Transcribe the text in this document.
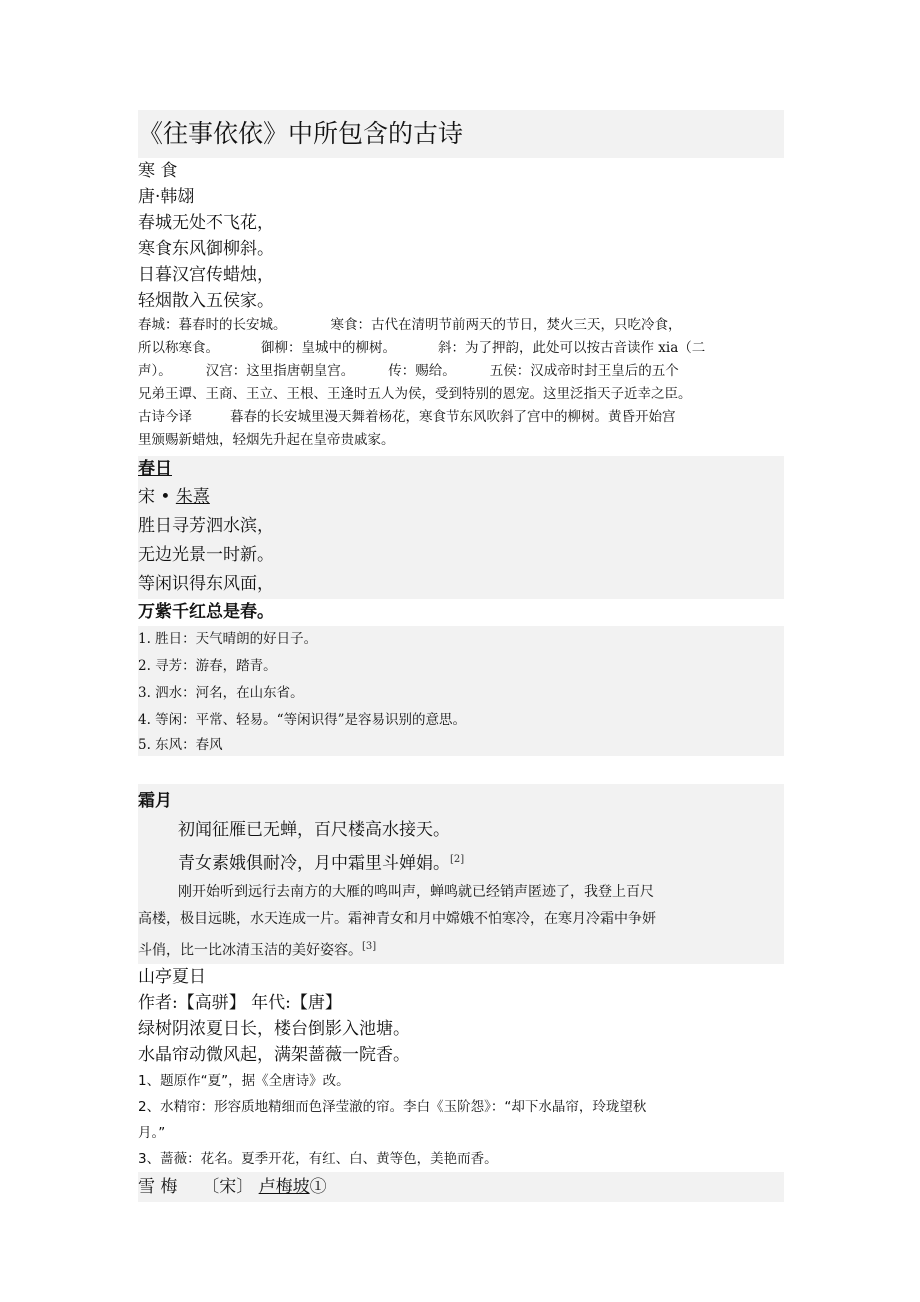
《往事依依》中所包含的古诗
寒 食
唐·韩翃
春城无处不飞花，
寒食东风御柳斜。
日暮汉宫传蜡烛，
轻烟散入五侯家。
春城：暮春时的长安城。	寒食：古代在清明节前两天的节日，焚火三天，只吃冷食，
所以称寒食。	御柳：皇城中的柳树。	斜：为了押韵，此处可以按古音读作 xia（二
声）。	汉宫：这里指唐朝皇宫。	传：赐给。	五侯：汉成帝时封王皇后的五个
兄弟王谭、王商、王立、王根、王逢时五人为侯，受到特别的恩宠。这里泛指天子近幸之臣。
古诗今译	暮春的长安城里漫天舞着杨花，寒食节东风吹斜了宫中的柳树。黄昏开始宫
里颁赐新蜡烛，轻烟先升起在皇帝贵戚家。
春日
宋 • 朱熹
胜日寻芳泗水滨，
无边光景一时新。
等闲识得东风面，
万紫千红总是春。
1. 胜日：天气晴朗的好日子。
2. 寻芳：游春，踏青。
3. 泗水：河名，在山东省。
4. 等闲：平常、轻易。“等闲识得”是容易识别的意思。
5. 东风：春风
霜月
初闻征雁已无蝉，百尺楼高水接天。
青女素娥俱耐冷，月中霜里斗婵娟。[2]
刚开始听到远行去南方的大雁的鸣叫声，蝉鸣就已经销声匿迹了，我登上百尺
高楼，极目远眺，水天连成一片。霜神青女和月中嫦娥不怕寒冷，在寒月冷霜中争妍
斗俏，比一比冰清玉洁的美好姿容。[3]
山亭夏日
作者:【高骈】 年代:【唐】
绿树阴浓夏日长，楼台倒影入池塘。
水晶帘动微风起，满架蔷薇一院香。
1、题原作“夏”，据《全唐诗》改。
2、水精帘：形容质地精细而色泽莹澈的帘。李白《玉阶怨》：“却下水晶帘，玲珑望秋
月。”
3、蔷薇：花名。夏季开花，有红、白、黄等色，美艳而香。
雪 梅 〔宋〕 卢梅坡①
